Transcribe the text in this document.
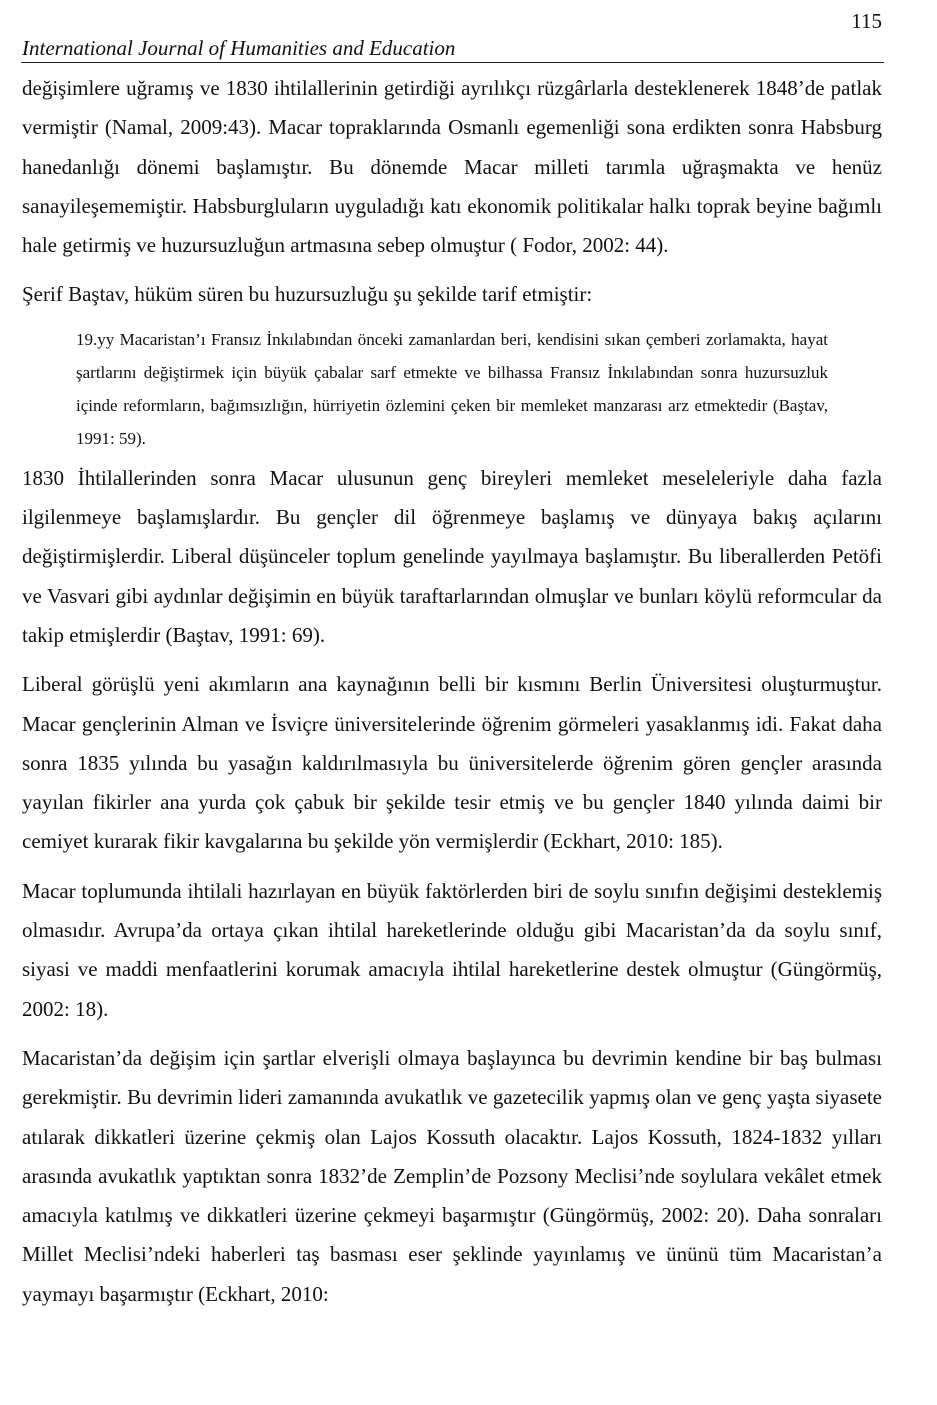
115
International Journal of Humanities and Education

değişimlere uğramış ve 1830 ihtilallerinin getirdiği ayrılıkçı rüzgârlarla desteklenerek 1848’de patlak vermiştir (Namal, 2009:43). Macar topraklarında Osmanlı egemenliği sona erdikten sonra Habsburg hanedanlığı dönemi başlamıştır. Bu dönemde Macar milleti tarımla uğraşmakta ve henüz sanayileşememiştir. Habsburgluların uyguladığı katı ekonomik politikalar halkı toprak beyine bağımlı hale getirmiş ve huzursuzluğun artmasına sebep olmuştur ( Fodor, 2002: 44).

Şerif Baştav, hüküm süren bu huzursuzluğu şu şekilde tarif etmiştir:

19.yy Macaristan’ı Fransız İnkılabından önceki zamanlardan beri, kendisini sıkan çemberi zorlamakta, hayat şartlarını değiştirmek için büyük çabalar sarf etmekte ve bilhassa Fransız İnkılabından sonra huzursuzluk içinde reformların, bağımsızlığın, hürriyetin özlemini çeken bir memleket manzarası arz etmektedir (Baştav, 1991: 59).

1830 İhtilallerinden sonra Macar ulusunun genç bireyleri memleket meseleleriyle daha fazla ilgilenmeye başlamışlardır. Bu gençler dil öğrenmeye başlamış ve dünyaya bakış açılarını değiştirmişlerdir. Liberal düşünceler toplum genelinde yayılmaya başlamıştır. Bu liberallerden Petöfi ve Vasvari gibi aydınlar değişimin en büyük taraftarlarından olmuşlar ve bunları köylü reformcular da takip etmişlerdir (Baştav, 1991: 69).

Liberal görüşlü yeni akımların ana kaynağının belli bir kısmını Berlin Üniversitesi oluşturmuştur. Macar gençlerinin Alman ve İsviçre üniversitelerinde öğrenim görmeleri yasaklanmış idi. Fakat daha sonra 1835 yılında bu yasağın kaldırılmasıyla bu üniversitelerde öğrenim gören gençler arasında yayılan fikirler ana yurda çok çabuk bir şekilde tesir etmiş ve bu gençler 1840 yılında daimi bir cemiyet kurarak fikir kavgalarına bu şekilde yön vermişlerdir (Eckhart, 2010: 185).

Macar toplumunda ihtilali hazırlayan en büyük faktörlerden biri de soylu sınıfın değişimi desteklemiş olmasıdır. Avrupa’da ortaya çıkan ihtilal hareketlerinde olduğu gibi Macaristan’da da soylu sınıf, siyasi ve maddi menfaatlerini korumak amacıyla ihtilal hareketlerine destek olmuştur (Güngörmüş, 2002: 18).

Macaristan’da değişim için şartlar elverişli olmaya başlayınca bu devrimin kendine bir baş bulması gerekmiştir. Bu devrimin lideri zamanında avukatlık ve gazetecilik yapmış olan ve genç yaşta siyasete atılarak dikkatleri üzerine çekmiş olan Lajos Kossuth olacaktır. Lajos Kossuth, 1824-1832 yılları arasında avukatlık yaptıktan sonra 1832’de Zemplin’de Pozsony Meclisi’nde soylulara vekâlet etmek amacıyla katılmış ve dikkatleri üzerine çekmeyi başarmıştır (Güngörmüş, 2002: 20). Daha sonraları Millet Meclisi’ndeki haberleri taş basması eser şeklinde yayınlamış ve ününü tüm Macaristan’a yaymayı başarmıştır (Eckhart, 2010:
